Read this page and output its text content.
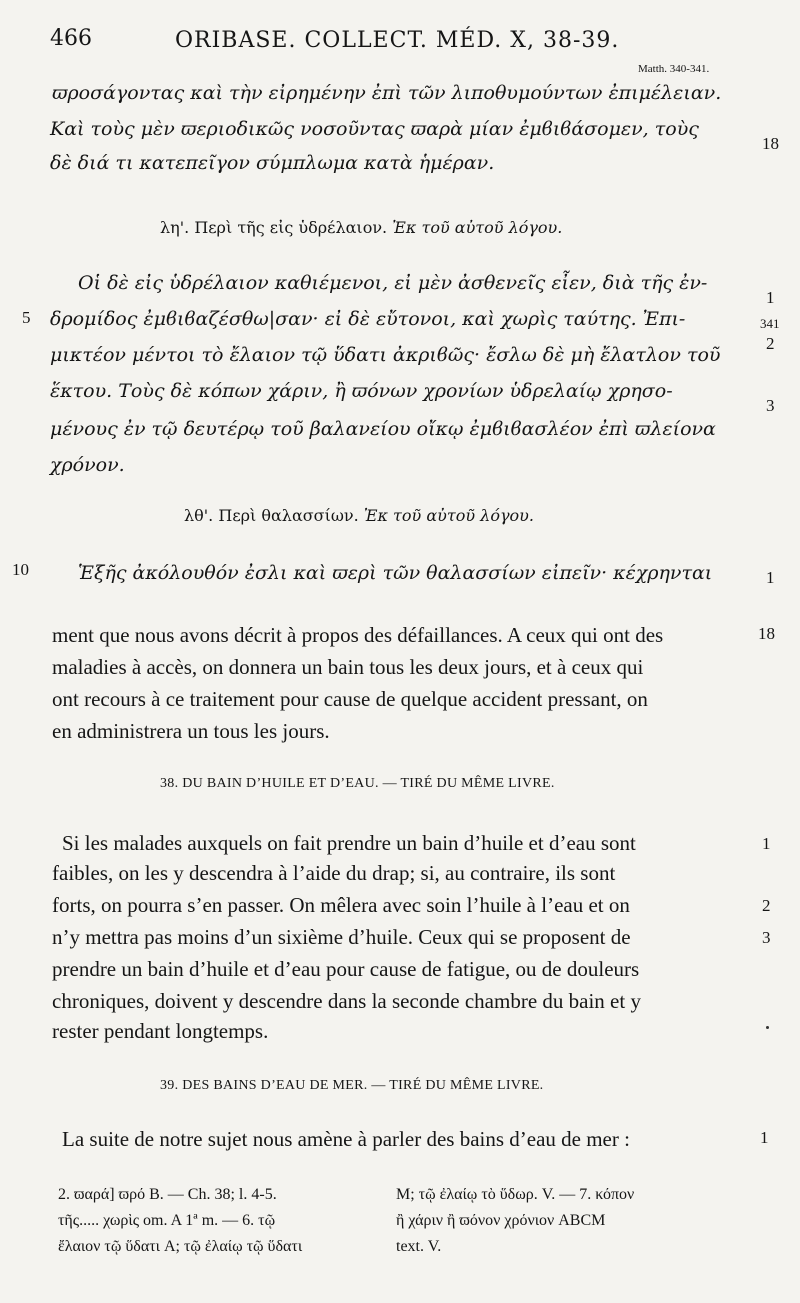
466	ORIBASE. COLLECT. MÉD. X, 38-39.
Matth. 340-341.
ϖροσάγοντας καὶ τὴν εἰρημένην ἐπὶ τῶν λιποθυμούντων ἐπιμέλειαν.
Καὶ τοὺς μὲν ϖεριοδικῶς νοσοῦντας ϖαρὰ μίαν ἐμϐιϐάσομεν, τοὺς
δὲ διά τι κατεπεῖγον σύμπλωμα κατὰ ἡμέραν.
18
λη'. Περὶ τῆς εἰς ὑδρέλαιον. Ἐκ τοῦ αὐτοῦ λόγου.
Οἱ δὲ εἰς ὑδρέλαιον καθιέμενοι, εἰ μὲν ἀσθενεῖς εἶεν, διὰ τῆς ἐν-
δρομίδος ἐμϐιϐαζέσθω|σαν· εἰ δὲ εὔτονοι, καὶ χωρὶς ταύτης. Ἐπι-
μικτέον μέντοι τὸ ἔλαιον τῷ ὕδατι ἀκριϐῶς· ἔσλω δὲ μὴ ἔλατλον τοῦ
ἕκτου. Τοὺς δὲ κόπων χάριν, ἢ ϖόνων χρονίων ὑδρελαίῳ χρησο-
μένους ἐν τῷ δευτέρῳ τοῦ βαλανείου οἴκῳ ἐμϐιϐασλέον ἐπὶ ϖλείονα
χρόνον.
5
1
341
2
3
λθ'. Περὶ θαλασσίων. Ἐκ τοῦ αὐτοῦ λόγου.
Ἑξῆς ἀκόλουθόν ἐσλι καὶ ϖερὶ τῶν θαλασσίων εἰπεῖν· κέχρηνται
10	1
ment que nous avons décrit à propos des défaillances. A ceux qui ont des
maladies à accès, on donnera un bain tous les deux jours, et à ceux qui
ont recours à ce traitement pour cause de quelque accident pressant, on
en administrera un tous les jours.
18
38. DU BAIN D’HUILE ET D’EAU. — TIRÉ DU MÊME LIVRE.
Si les malades auxquels on fait prendre un bain d’huile et d’eau sont
faibles, on les y descendra à l’aide du drap; si, au contraire, ils sont
forts, on pourra s’en passer. On mêlera avec soin l’huile à l’eau et on
n’y mettra pas moins d’un sixième d’huile. Ceux qui se proposent de
prendre un bain d’huile et d’eau pour cause de fatigue, ou de douleurs
chroniques, doivent y descendre dans la seconde chambre du bain et y
rester pendant longtemps.
1
2
3
39. DES BAINS D’EAU DE MER. — TIRÉ DU MÊME LIVRE.
La suite de notre sujet nous amène à parler des bains d’eau de mer :	1
2. ϖαρά] ϖρό B. — Ch. 38; l. 4-5.
τῆς..... χωρὶς om. A 1ª m. — 6. τῷ
ἔλαιον τῷ ὕδατι A; τῷ ἐλαίῳ τῷ ὕδατι
M; τῷ ἐλαίῳ τὸ ὕδωρ. V. — 7. κόπον
ἢ χάριν ἢ ϖόνον χρόνιον ABCM
text. V.
